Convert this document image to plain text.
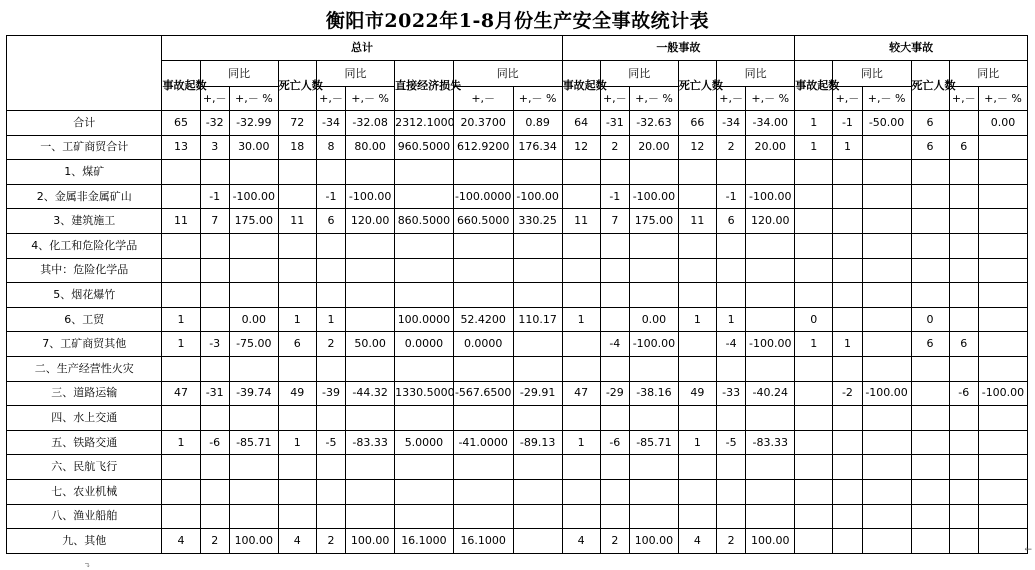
衡阳市2022年1-8月份生产安全事故统计表
	总计									一般事故						较大事故					
	事故起数	同比		死亡人数	同比		直接经济损失	同比		事故起数	同比		死亡人数	同比		事故起数	同比		死亡人数	同比	
		+,－	+,－ %		+,－	+,－ %		+,－	+,－ %		+,－	+,－ %		+,－	+,－ %		+,－	+,－ %		+,－	+,－ %
合计	65	-32	-32.99	72	-34	-32.08	2312.1000	20.3700	0.89	64	-31	-32.63	66	-34	-34.00	1	-1	-50.00	6		0.00
一、工矿商贸合计	13	3	30.00	18	8	80.00	960.5000	612.9200	176.34	12	2	20.00	12	2	20.00	1	1		6	6	
1、煤矿																					
2、金属非金属矿山		-1	-100.00		-1	-100.00		-100.0000	-100.00		-1	-100.00		-1	-100.00						
3、建筑施工	11	7	175.00	11	6	120.00	860.5000	660.5000	330.25	11	7	175.00	11	6	120.00						
4、化工和危险化学品																					
其中：危险化学品																					
5、烟花爆竹																					
6、工贸	1		0.00	1	1		100.0000	52.4200	110.17	1		0.00	1	1		0			0		
7、工矿商贸其他	1	-3	-75.00	6	2	50.00	0.0000	0.0000			-4	-100.00		-4	-100.00	1	1		6	6	
二、生产经营性火灾																					
三、道路运输	47	-31	-39.74	49	-39	-44.32	1330.5000	-567.6500	-29.91	47	-29	-38.16	49	-33	-40.24		-2	-100.00		-6	-100.00
四、水上交通																					
五、铁路交通	1	-6	-85.71	1	-5	-83.33	5.0000	-41.0000	-89.13	1	-6	-85.71	1	-5	-83.33						
六、民航飞行																					
七、农业机械																					
八、渔业船舶																					
九、其他	4	2	100.00	4	2	100.00	16.1000	16.1000		4	2	100.00	4	2	100.00						
←
↴
